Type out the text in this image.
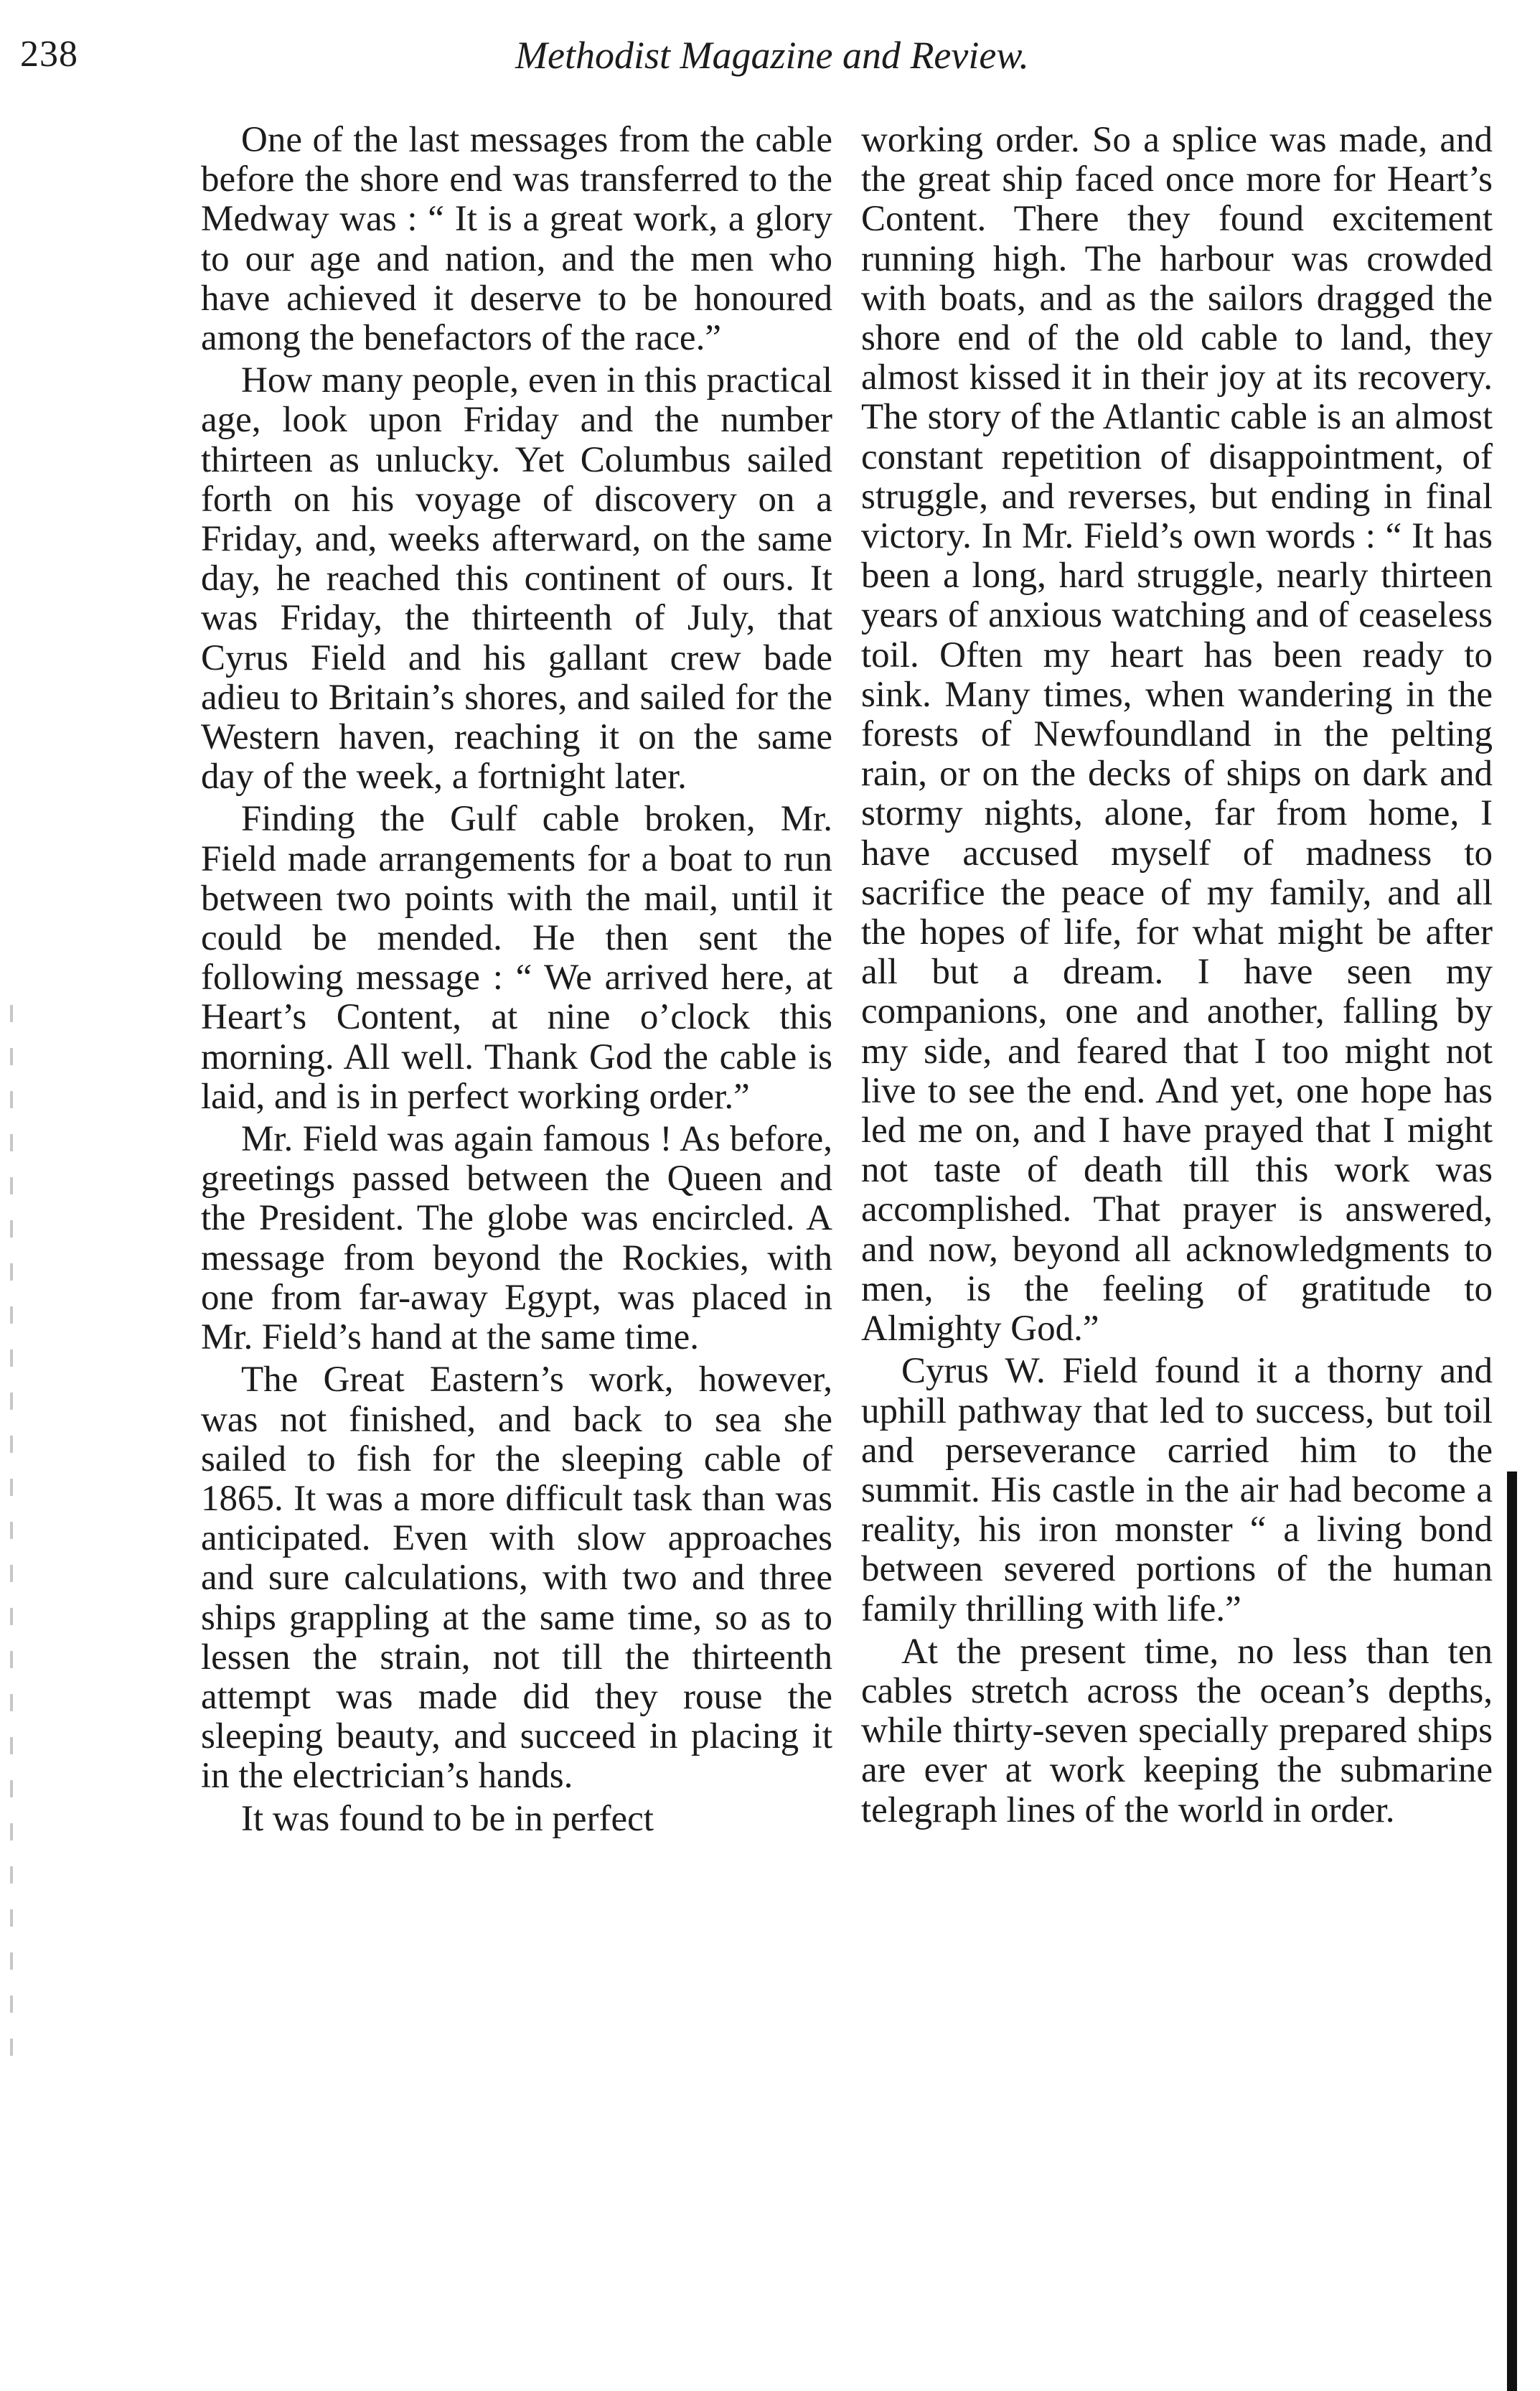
238	Methodist Magazine and Review.

One of the last messages from the cable before the shore end was transferred to the Medway was : “ It is a great work, a glory to our age and nation, and the men who have achieved it deserve to be honoured among the benefactors of the race.”

How many people, even in this practical age, look upon Friday and the number thirteen as unlucky. Yet Columbus sailed forth on his voyage of discovery on a Friday, and, weeks afterward, on the same day, he reached this continent of ours. It was Friday, the thirteenth of July, that Cyrus Field and his gallant crew bade adieu to Britain’s shores, and sailed for the Western haven, reaching it on the same day of the week, a fortnight later.

Finding the Gulf cable broken, Mr. Field made arrangements for a boat to run between two points with the mail, until it could be mended. He then sent the following message : “ We arrived here, at Heart’s Content, at nine o’clock this morning. All well. Thank God the cable is laid, and is in perfect working order.”

Mr. Field was again famous ! As before, greetings passed between the Queen and the President. The globe was encircled. A message from beyond the Rockies, with one from far-away Egypt, was placed in Mr. Field’s hand at the same time.

The Great Eastern’s work, however, was not finished, and back to sea she sailed to fish for the sleeping cable of 1865. It was a more difficult task than was anticipated. Even with slow approaches and sure calculations, with two and three ships grappling at the same time, so as to lessen the strain, not till the thirteenth attempt was made did they rouse the sleeping beauty, and succeed in placing it in the electrician’s hands.

It was found to be in perfect

working order. So a splice was made, and the great ship faced once more for Heart’s Content. There they found excitement running high. The harbour was crowded with boats, and as the sailors dragged the shore end of the old cable to land, they almost kissed it in their joy at its recovery. The story of the Atlantic cable is an almost constant repetition of disappointment, of struggle, and reverses, but ending in final victory. In Mr. Field’s own words : “ It has been a long, hard struggle, nearly thirteen years of anxious watching and of ceaseless toil. Often my heart has been ready to sink. Many times, when wandering in the forests of Newfoundland in the pelting rain, or on the decks of ships on dark and stormy nights, alone, far from home, I have accused myself of madness to sacrifice the peace of my family, and all the hopes of life, for what might be after all but a dream. I have seen my companions, one and another, falling by my side, and feared that I too might not live to see the end. And yet, one hope has led me on, and I have prayed that I might not taste of death till this work was accomplished. That prayer is answered, and now, beyond all acknowledgments to men, is the feeling of gratitude to Almighty God.”

Cyrus W. Field found it a thorny and uphill pathway that led to success, but toil and perseverance carried him to the summit. His castle in the air had become a reality, his iron monster “ a living bond between severed portions of the human family thrilling with life.”

At the present time, no less than ten cables stretch across the ocean’s depths, while thirty-seven specially prepared ships are ever at work keeping the submarine telegraph lines of the world in order.
